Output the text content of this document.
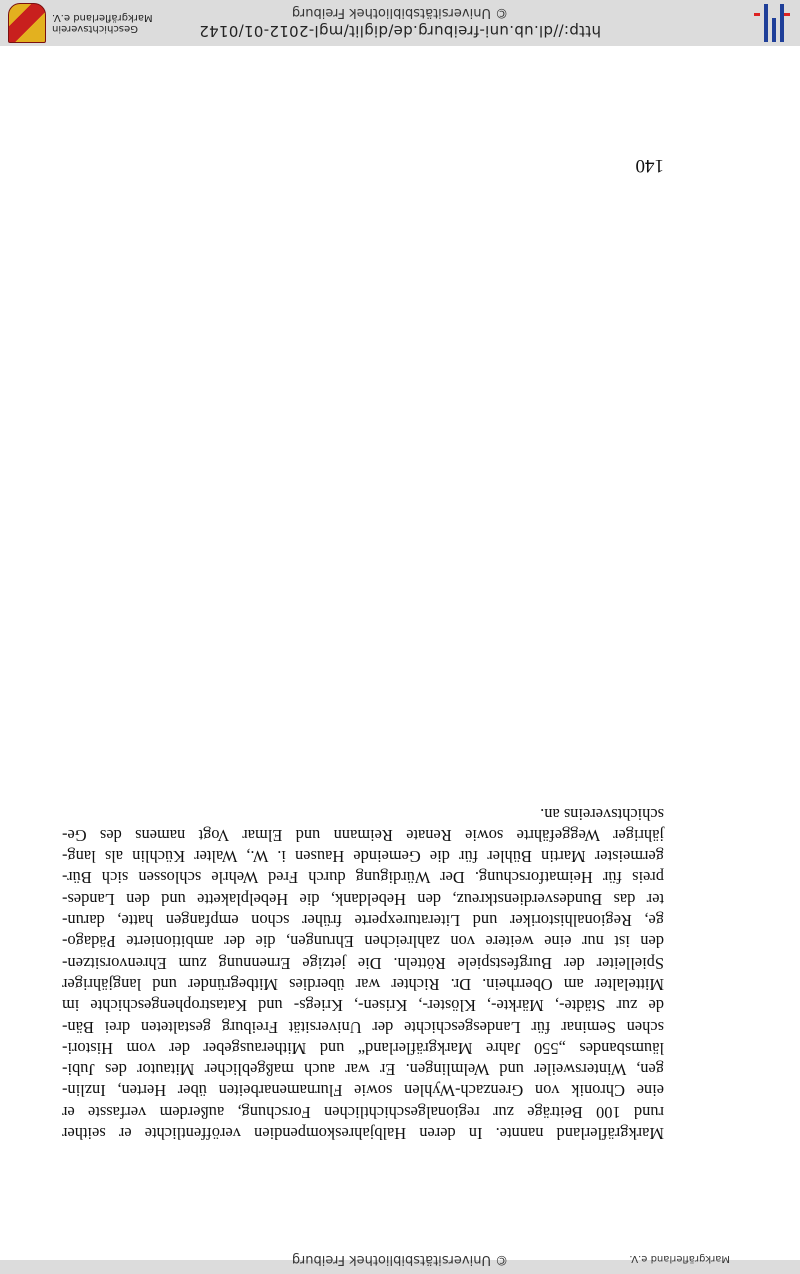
Markgräflerland e.V.
© Universitätsbibliothek Freiburg
Markgräflerland nannte. In deren Halbjahreskompendien veröffentlichte er seither
rund 100 Beiträge zur regionalgeschichtlichen Forschung, außerdem verfasste er
eine Chronik von Grenzach-Wyhlen sowie Flurnamenarbeiten über Herten, Inzlin-
gen, Wintersweiler und Welmlingen. Er war auch maßgeblicher Mitautor des Jubi-
läumsbandes „550 Jahre Markgräflerland“ und Mitherausgeber der vom Histori-
schen Seminar für Landesgeschichte der Universität Freiburg gestalteten drei Bän-
de zur Städte-, Märkte-, Klöster-, Krisen-, Kriegs- und Katastrophengeschichte im
Mittelalter am Oberrhein. Dr. Richter war überdies Mitbegründer und langjähriger
Spielleiter der Burgfestspiele Rötteln. Die jetzige Ernennung zum Ehrenvorsitzen-
den ist nur eine weitere von zahlreichen Ehrungen, die der ambitionierte Pädago-
ge, Regionalhistoriker und Literaturexperte früher schon empfangen hatte, darun-
ter das Bundesverdienstkreuz, den Hebeldank, die Hebelplakette und den Landes-
preis für Heimatforschung. Der Würdigung durch Fred Wehrle schlossen sich Bür-
germeister Martin Bühler für die Gemeinde Hausen i. W., Walter Küchlin als lang-
jähriger Weggefährte sowie Renate Reimann und Elmar Vogt namens des Ge-
schichtsvereins an.
140
http://dl.ub.uni-freiburg.de/diglit/mgl-2012-01/0142
© Universitätsbibliothek Freiburg
Geschichtsverein
Markgräflerland e.V.
